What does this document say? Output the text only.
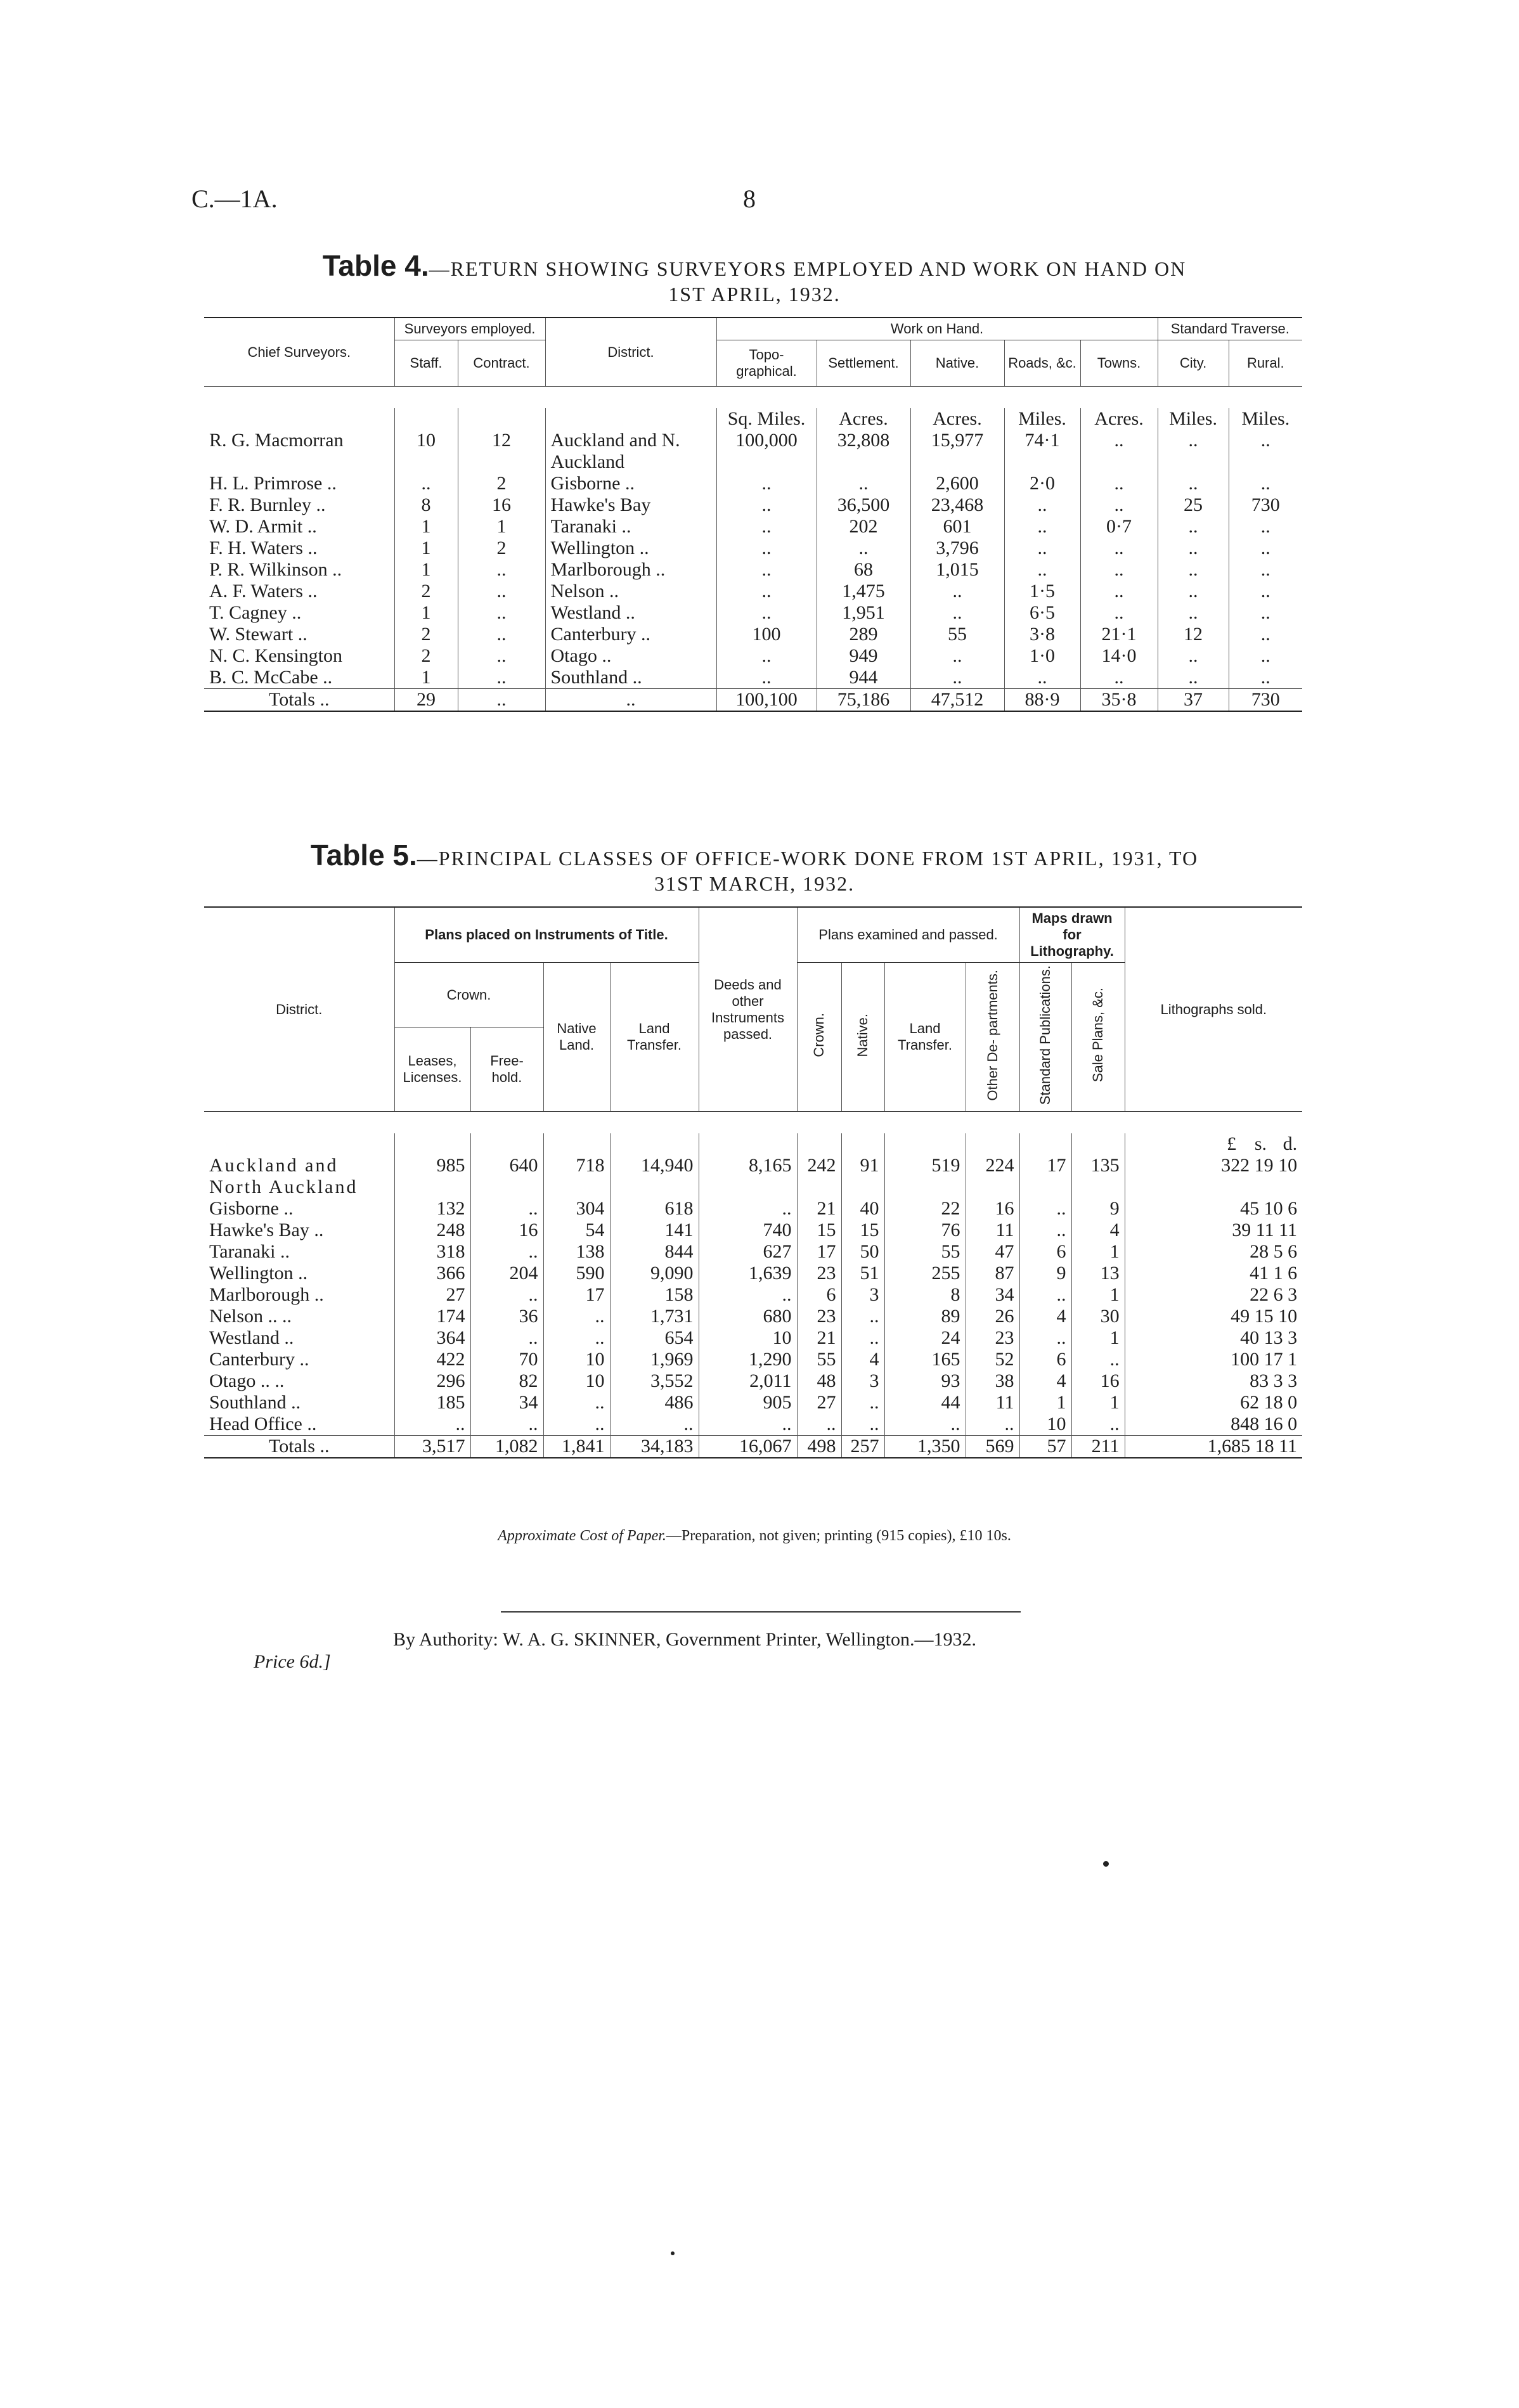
C.—1A.	8
Table 4.—RETURN SHOWING SURVEYORS EMPLOYED AND WORK ON HAND ON
1ST APRIL, 1932.
Chief Surveyors.	Surveyors employed.		District.	Work on Hand.					Standard Traverse.	
	Staff.	Contract.		Topo- graphical.	Settlement.	Native.	Roads, &c.	Towns.	City.	Rural.

				Sq. Miles.	Acres.	Acres.	Miles.	Acres.	Miles.	Miles.
R. G. Macmorran	10	12	Auckland and N. Auckland	100,000	32,808	15,977	74·1	..	..	..
H. L. Primrose ..	..	2	Gisborne ..	..	..	2,600	2·0	..	..	..
F. R. Burnley ..	8	16	Hawke's Bay	..	36,500	23,468	..	..	25	730
W. D. Armit ..	1	1	Taranaki ..	..	202	601	..	0·7	..	..
F. H. Waters ..	1	2	Wellington ..	..	..	3,796	..	..	..	..
P. R. Wilkinson ..	1	..	Marlborough ..	..	68	1,015	..	..	..	..
A. F. Waters ..	2	..	Nelson ..	..	1,475	..	1·5	..	..	..
T. Cagney ..	1	..	Westland ..	..	1,951	..	6·5	..	..	..
W. Stewart ..	2	..	Canterbury ..	100	289	55	3·8	21·1	12	..
N. C. Kensington	2	..	Otago ..	..	949	..	1·0	14·0	..	..
B. C. McCabe ..	1	..	Southland ..	..	944	..	..	..	..	..
Totals ..	29	..	..	100,100	75,186	47,512	88·9	35·8	37	730
Table 5.—PRINCIPAL CLASSES OF OFFICE-WORK DONE FROM 1ST APRIL, 1931, TO
31ST MARCH, 1932.
District.	Plans placed on Instruments of Title.				Deeds and other Instruments passed.	Plans examined and passed.				Maps drawn for Lithography.		Lithographs sold.
	Crown.		Native Land.	Land Transfer.		Crown.	Native.	Land Transfer.	Other De- partments.	Standard Publications.	Sale Plans, &c.	
	Leases, Licenses.	Free- hold.										

												£ s. d.
Auckland and North Auckland	985	640	718	14,940	8,165	242	91	519	224	17	135	322 19 10
Gisborne ..	132	..	304	618	..	21	40	22	16	..	9	45 10 6
Hawke's Bay ..	248	16	54	141	740	15	15	76	11	..	4	39 11 11
Taranaki ..	318	..	138	844	627	17	50	55	47	6	1	28 5 6
Wellington ..	366	204	590	9,090	1,639	23	51	255	87	9	13	41 1 6
Marlborough ..	27	..	17	158	..	6	3	8	34	..	1	22 6 3
Nelson .. ..	174	36	..	1,731	680	23	..	89	26	4	30	49 15 10
Westland ..	364	..	..	654	10	21	..	24	23	..	1	40 13 3
Canterbury ..	422	70	10	1,969	1,290	55	4	165	52	6	..	100 17 1
Otago .. ..	296	82	10	3,552	2,011	48	3	93	38	4	16	83 3 3
Southland ..	185	34	..	486	905	27	..	44	11	1	1	62 18 0
Head Office ..	..	..	..	..	..	..	..	..	..	10	..	848 16 0
Totals ..	3,517	1,082	1,841	34,183	16,067	498	257	1,350	569	57	211	1,685 18 11
Approximate Cost of Paper.—Preparation, not given; printing (915 copies), £10 10s.
By Authority: W. A. G. SKINNER, Government Printer, Wellington.—1932.
Price 6d.]
